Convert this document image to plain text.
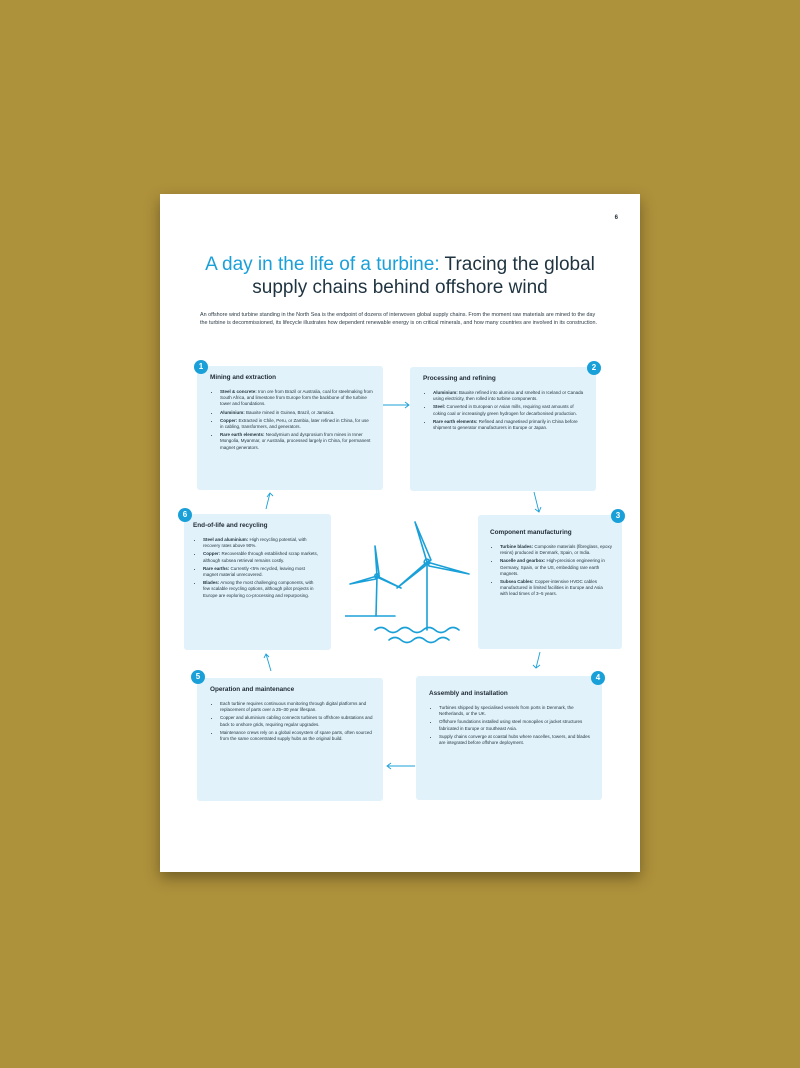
6
A day in the life of a turbine: Tracing the global supply chains behind offshore wind

An offshore wind turbine standing in the North Sea is the endpoint of dozens of interwoven global supply chains. From the moment raw materials are mined to the day the turbine is decommissioned, its lifecycle illustrates how dependent renewable energy is on critical minerals, and how many countries are involved in its construction.

Mining and extraction
• Steel & concrete: Iron ore from Brazil or Australia, coal for steelmaking from South Africa, and limestone from Europe form the backbone of the turbine tower and foundations.
• Aluminium: Bauxite mined in Guinea, Brazil, or Jamaica.
• Copper: Extracted in Chile, Peru, or Zambia, later refined in China, for use in cabling, transformers, and generators.
• Rare earth elements: Neodymium and dysprosium from mines in Inner Mongolia, Myanmar, or Australia, processed largely in China, for permanent magnet generators.
1
Processing and refining
• Aluminium: Bauxite refined into alumina and smelted in Iceland or Canada using electricity, then rolled into turbine components.
• Steel: Converted in European or Asian mills, requiring vast amounts of coking coal or increasingly green hydrogen for decarbonised production.
• Rare earth elements: Refined and magnetised primarily in China before shipment to generator manufacturers in Europe or Japan.
2
End-of-life and recycling
• Steel and aluminium: High recycling potential, with recovery rates above 90%.
• Copper: Recoverable through established scrap markets, although subsea retrieval remains costly.
• Rare earths: Currently <5% recycled, leaving most magnet material unrecovered.
• Blades: Among the most challenging components, with few scalable recycling options, although pilot projects in Europe are exploring co-processing and repurposing.
6
Component manufacturing
• Turbine blades: Composite materials (fibreglass, epoxy resins) produced in Denmark, Spain, or India.
• Nacelle and gearbox: High-precision engineering in Germany, Spain, or the US, embedding rare earth magnets.
• Subsea Cables: Copper-intensive HVDC cables manufactured in limited facilities in Europe and Asia with lead times of 3–5 years.
3
Operation and maintenance
• Each turbine requires continuous monitoring through digital platforms and replacement of parts over a 25–30 year lifespan.
• Copper and aluminium cabling connects turbines to offshore substations and back to onshore grids, requiring regular upgrades.
• Maintenance crews rely on a global ecosystem of spare parts, often sourced from the same concentrated supply hubs as the original build.
5
Assembly and installation
• Turbines shipped by specialised vessels from ports in Denmark, the Netherlands, or the UK.
• Offshore foundations installed using steel monopiles or jacket structures fabricated in Europe or Southeast Asia.
• Supply chains converge at coastal hubs where nacelles, towers, and blades are integrated before offshore deployment.
4
